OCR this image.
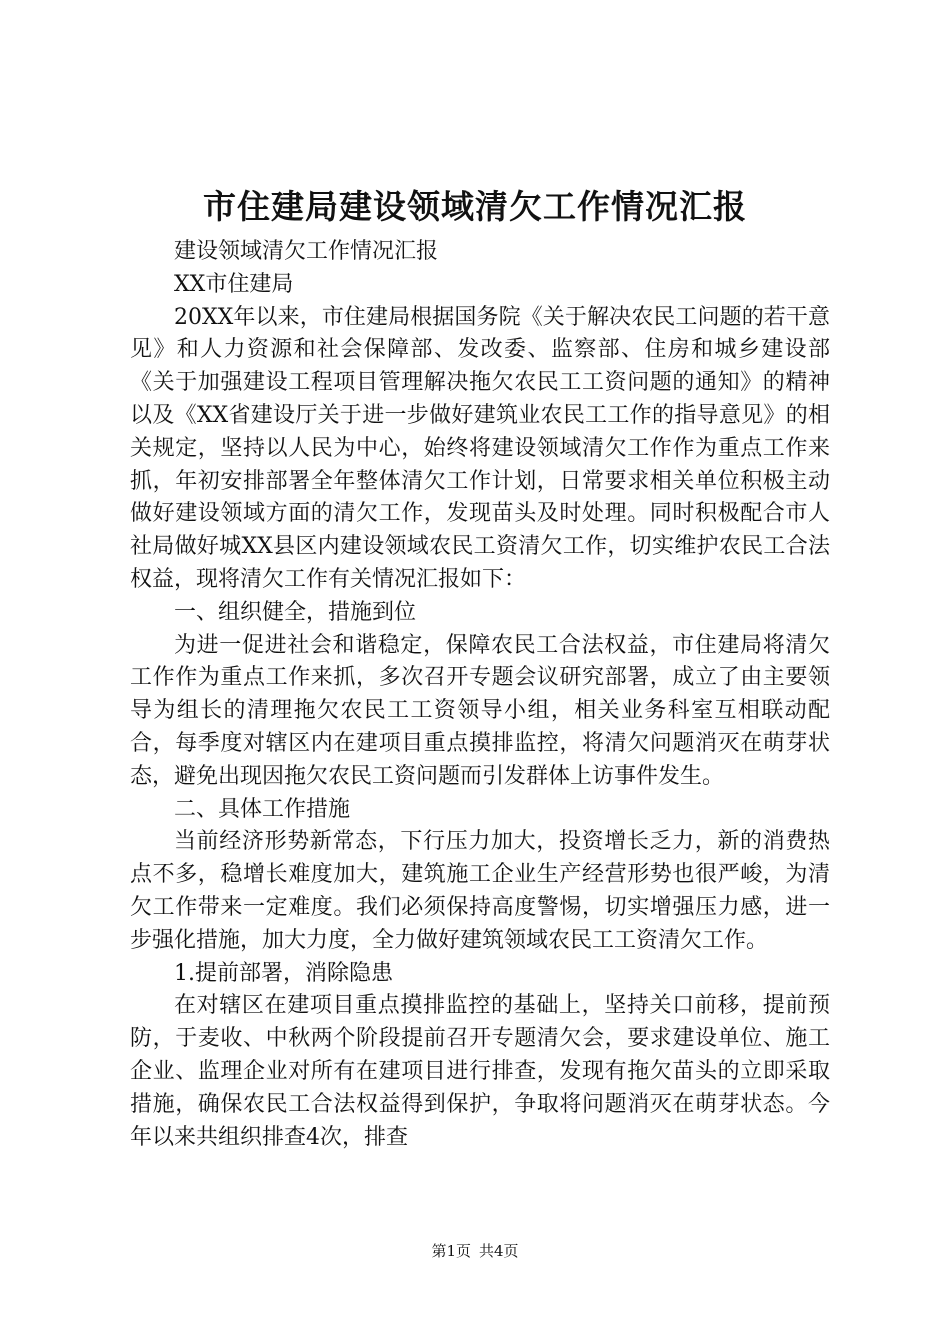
市住建局建设领域清欠工作情况汇报

建设领域清欠工作情况汇报

XX市住建局

20XX年以来，市住建局根据国务院《关于解决农民工问题的若干意见》和人力资源和社会保障部、发改委、监察部、住房和城乡建设部《关于加强建设工程项目管理解决拖欠农民工工资问题的通知》的精神以及《XX省建设厅关于进一步做好建筑业农民工工作的指导意见》的相关规定，坚持以人民为中心，始终将建设领域清欠工作作为重点工作来抓，年初安排部署全年整体清欠工作计划，日常要求相关单位积极主动做好建设领域方面的清欠工作，发现苗头及时处理。同时积极配合市人社局做好城XX县区内建设领域农民工资清欠工作，切实维护农民工合法权益，现将清欠工作有关情况汇报如下：

一、组织健全，措施到位

为进一促进社会和谐稳定，保障农民工合法权益，市住建局将清欠工作作为重点工作来抓，多次召开专题会议研究部署，成立了由主要领导为组长的清理拖欠农民工工资领导小组，相关业务科室互相联动配合，每季度对辖区内在建项目重点摸排监控，将清欠问题消灭在萌芽状态，避免出现因拖欠农民工资问题而引发群体上访事件发生。

二、具体工作措施

当前经济形势新常态，下行压力加大，投资增长乏力，新的消费热点不多，稳增长难度加大，建筑施工企业生产经营形势也很严峻，为清欠工作带来一定难度。我们必须保持高度警惕，切实增强压力感，进一步强化措施，加大力度，全力做好建筑领域农民工工资清欠工作。

1.提前部署，消除隐患

在对辖区在建项目重点摸排监控的基础上，坚持关口前移，提前预防，于麦收、中秋两个阶段提前召开专题清欠会，要求建设单位、施工企业、监理企业对所有在建项目进行排查，发现有拖欠苗头的立即采取措施，确保农民工合法权益得到保护，争取将问题消灭在萌芽状态。今年以来共组织排查4次，排查

第1页 共4页
